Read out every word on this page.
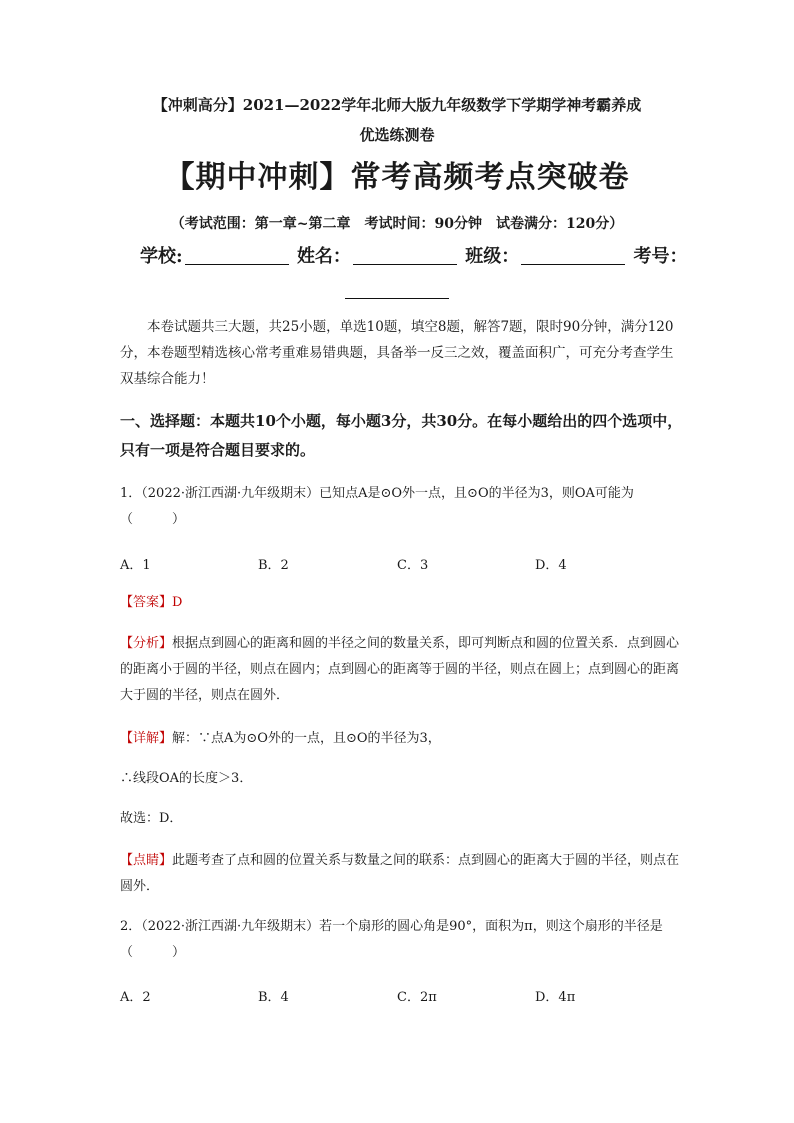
【冲刺高分】2021—2022学年北师大版九年级数学下学期学神考霸养成
优选练测卷
【期中冲刺】常考高频考点突破卷
（考试范围：第一章~第二章　考试时间：90分钟　试卷满分：120分）
学校:	姓名：	班级：	考号：
本卷试题共三大题，共25小题，单选10题，填空8题，解答7题，限时90分钟，满分120分，本卷题型精选核心常考重难易错典题，具备举一反三之效，覆盖面积广，可充分考查学生双基综合能力！
一、选择题：本题共10个小题，每小题3分，共30分。在每小题给出的四个选项中，只有一项是符合题目要求的。
1．（2022·浙江西湖·九年级期末）已知点A是⊙O外一点，且⊙O的半径为3，则OA可能为（　　　）
A．1	B．2	C．3	D．4
【答案】D
【分析】根据点到圆心的距离和圆的半径之间的数量关系，即可判断点和圆的位置关系．点到圆心的距离小于圆的半径，则点在圆内；点到圆心的距离等于圆的半径，则点在圆上；点到圆心的距离大于圆的半径，则点在圆外．
【详解】解：∵点A为⊙O外的一点，且⊙O的半径为3，
∴线段OA的长度＞3．
故选：D．
【点睛】此题考查了点和圆的位置关系与数量之间的联系：点到圆心的距离大于圆的半径，则点在圆外．
2．（2022·浙江西湖·九年级期末）若一个扇形的圆心角是90°，面积为π，则这个扇形的半径是（　　　）
A．2	B．4	C．2π	D．4π
